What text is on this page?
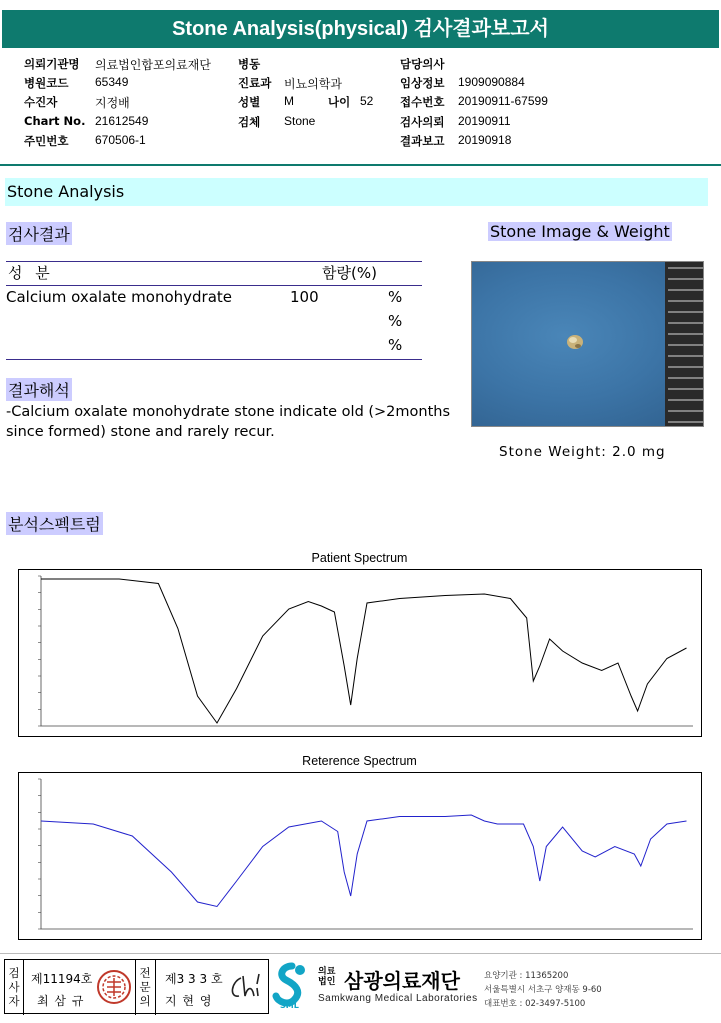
Stone Analysis(physical) 검사결과보고서
의뢰기관명 의료법인합포의료재단 병동	담당의사
병원코드 65349	진료과 비뇨의학과	임상정보 1909090884
수진자	지정배	성별 M	나이 52 접수번호 20190911-67599
Chart No. 21612549	검체 Stone	검사의뢰 20190911
주민번호 670506-1	결과보고 20190918
Stone Analysis
검사결과	Stone Image & Weight
성 분	함량(%)
Calcium oxalate monohydrate	100	%
%
%
결과해석
-Calcium oxalate monohydrate stone indicate old (>2months since formed) stone and rarely recur.
Stone Weight: 2.0 mg
분석스펙트럼
Patient Spectrum
Reterence Spectrum
검사자
제11194호
최 삼 규
전문의
제3 3 3 호
지 현 영	SML
의료
법인 삼광의료재단
Samkwang Medical Laboratories
요양기관 : 11365200
서울특별시 서초구 양재동 9-60
대표번호 : 02-3497-5100
